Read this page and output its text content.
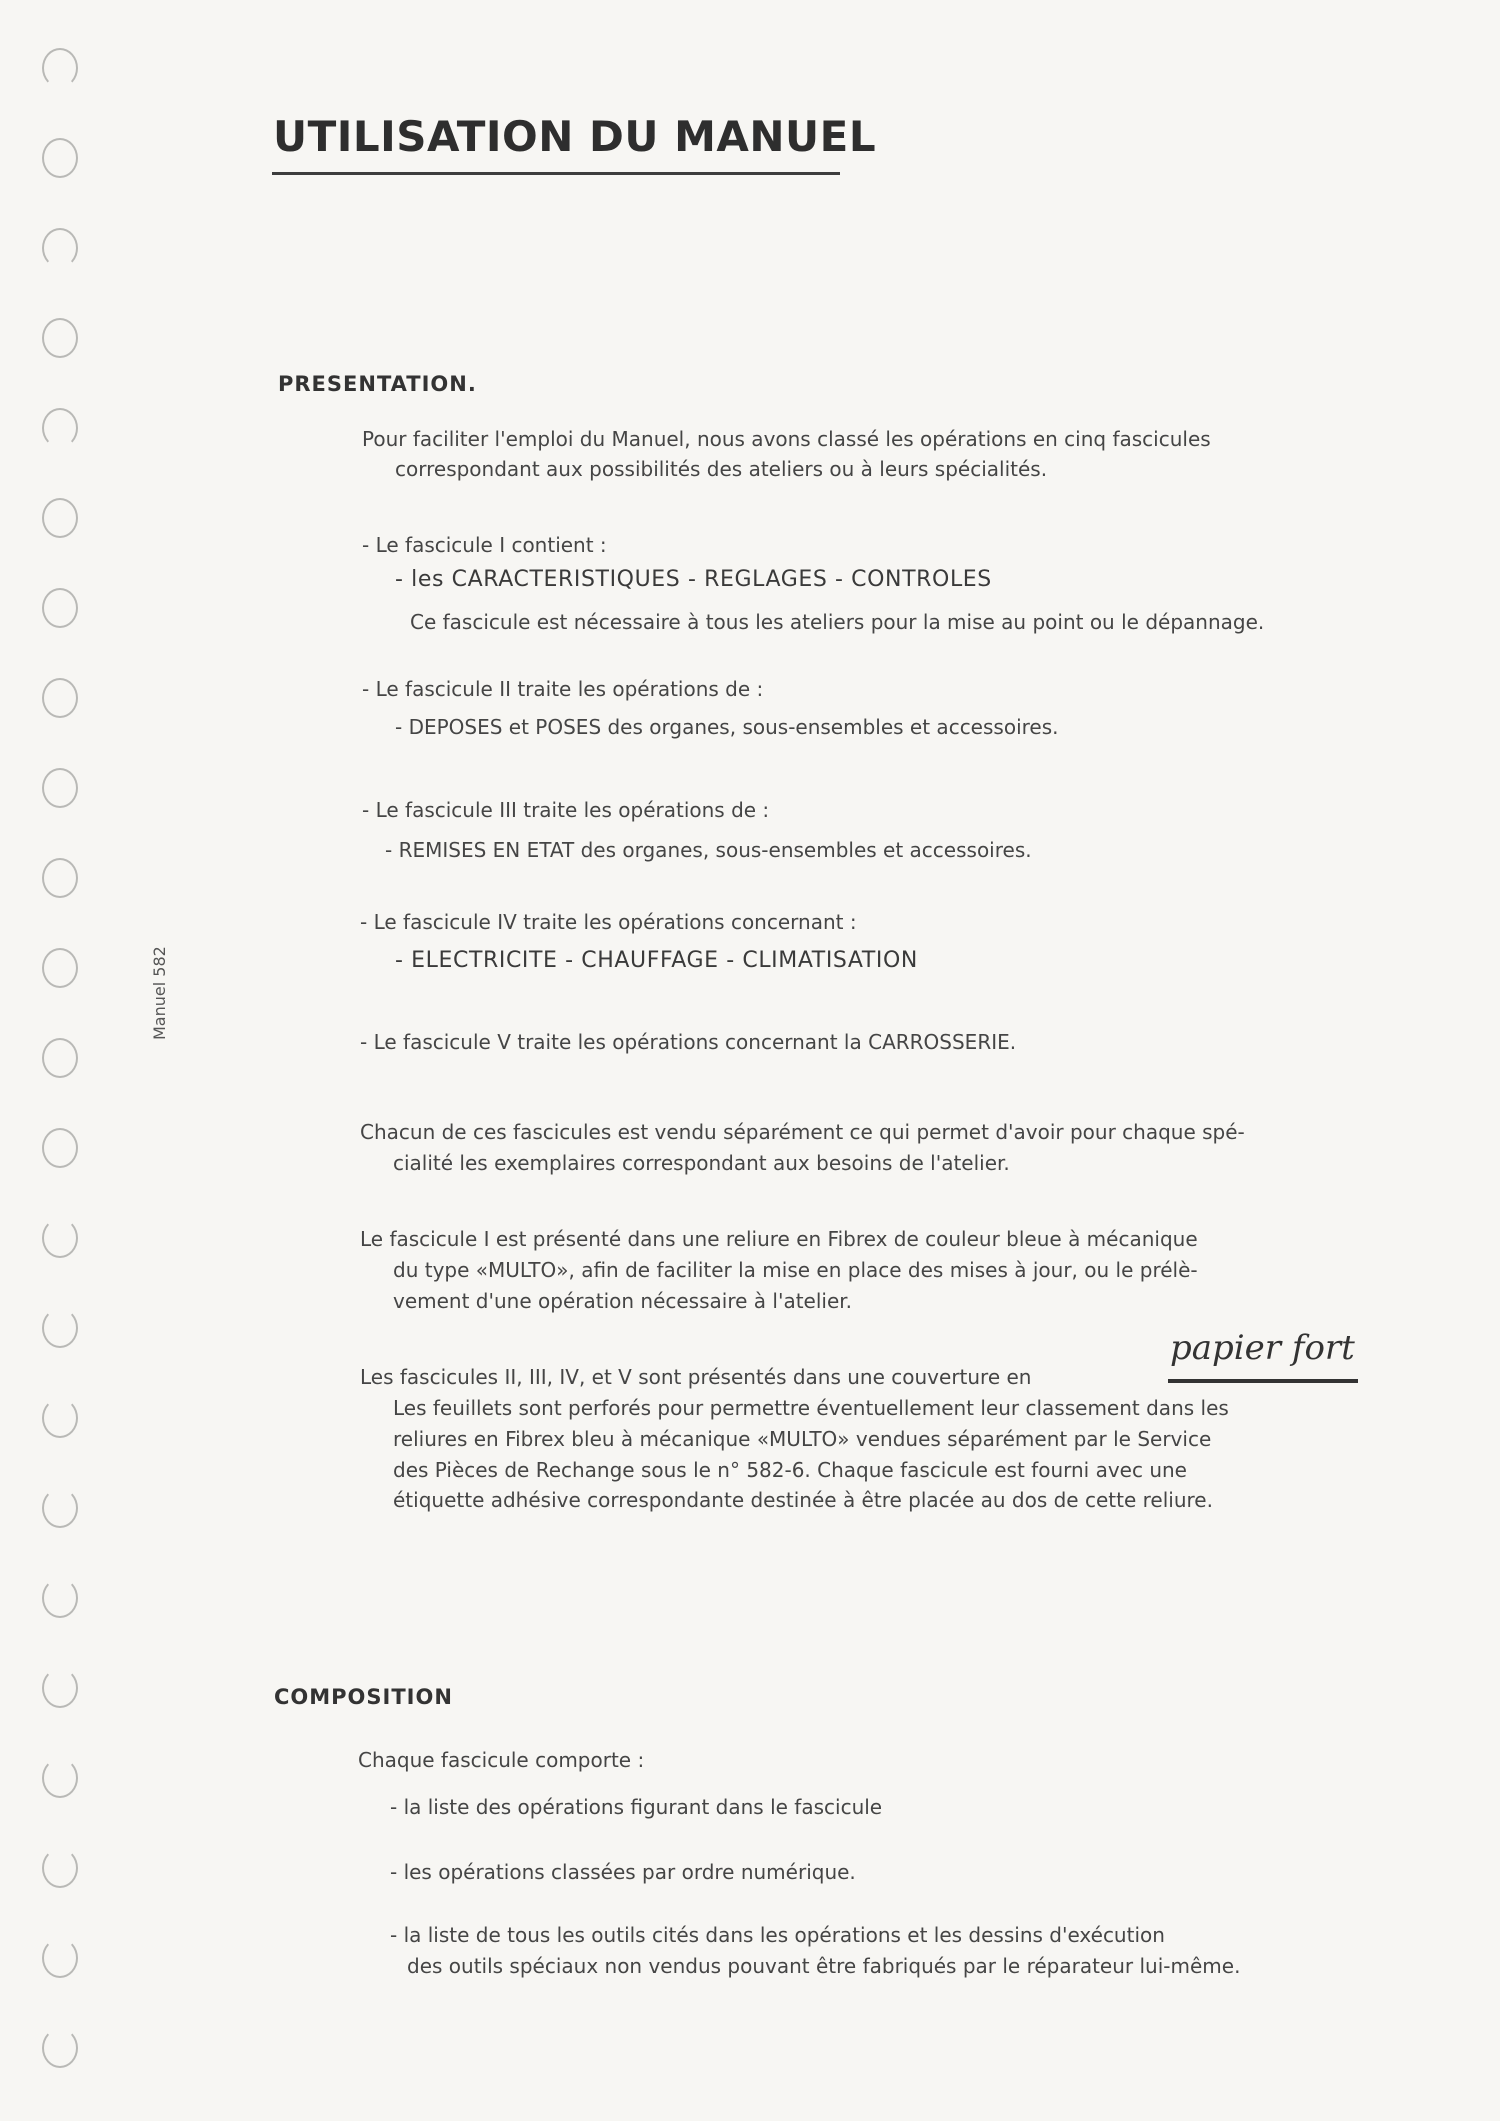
Manuel 582
UTILISATION DU MANUEL
PRESENTATION.
Pour faciliter l'emploi du Manuel, nous avons classé les opérations en cinq fascicules
correspondant aux possibilités des ateliers ou à leurs spécialités.
- Le fascicule I contient :
- les CARACTERISTIQUES - REGLAGES - CONTROLES
Ce fascicule est nécessaire à tous les ateliers pour la mise au point ou le dépannage.
- Le fascicule II traite les opérations de :
- DEPOSES et POSES des organes, sous-ensembles et accessoires.
- Le fascicule III traite les opérations de :
- REMISES EN ETAT des organes, sous-ensembles et accessoires.
- Le fascicule IV traite les opérations concernant :
- ELECTRICITE - CHAUFFAGE - CLIMATISATION
- Le fascicule V traite les opérations concernant la CARROSSERIE.
Chacun de ces fascicules est vendu séparément ce qui permet d'avoir pour chaque spé-
cialité les exemplaires correspondant aux besoins de l'atelier.
Le fascicule I est présenté dans une reliure en Fibrex de couleur bleue à mécanique
du type «MULTO», afin de faciliter la mise en place des mises à jour, ou le prélè-
vement d'une opération nécessaire à l'atelier.
Les fascicules II, III, IV, et V sont présentés dans une couverture en
papier fort
Les feuillets sont perforés pour permettre éventuellement leur classement dans les
reliures en Fibrex bleu à mécanique «MULTO» vendues séparément par le Service
des Pièces de Rechange sous le n° 582-6. Chaque fascicule est fourni avec une
étiquette adhésive correspondante destinée à être placée au dos de cette reliure.
COMPOSITION
Chaque fascicule comporte :
- la liste des opérations figurant dans le fascicule
- les opérations classées par ordre numérique.
- la liste de tous les outils cités dans les opérations et les dessins d'exécution
des outils spéciaux non vendus pouvant être fabriqués par le réparateur lui-même.
